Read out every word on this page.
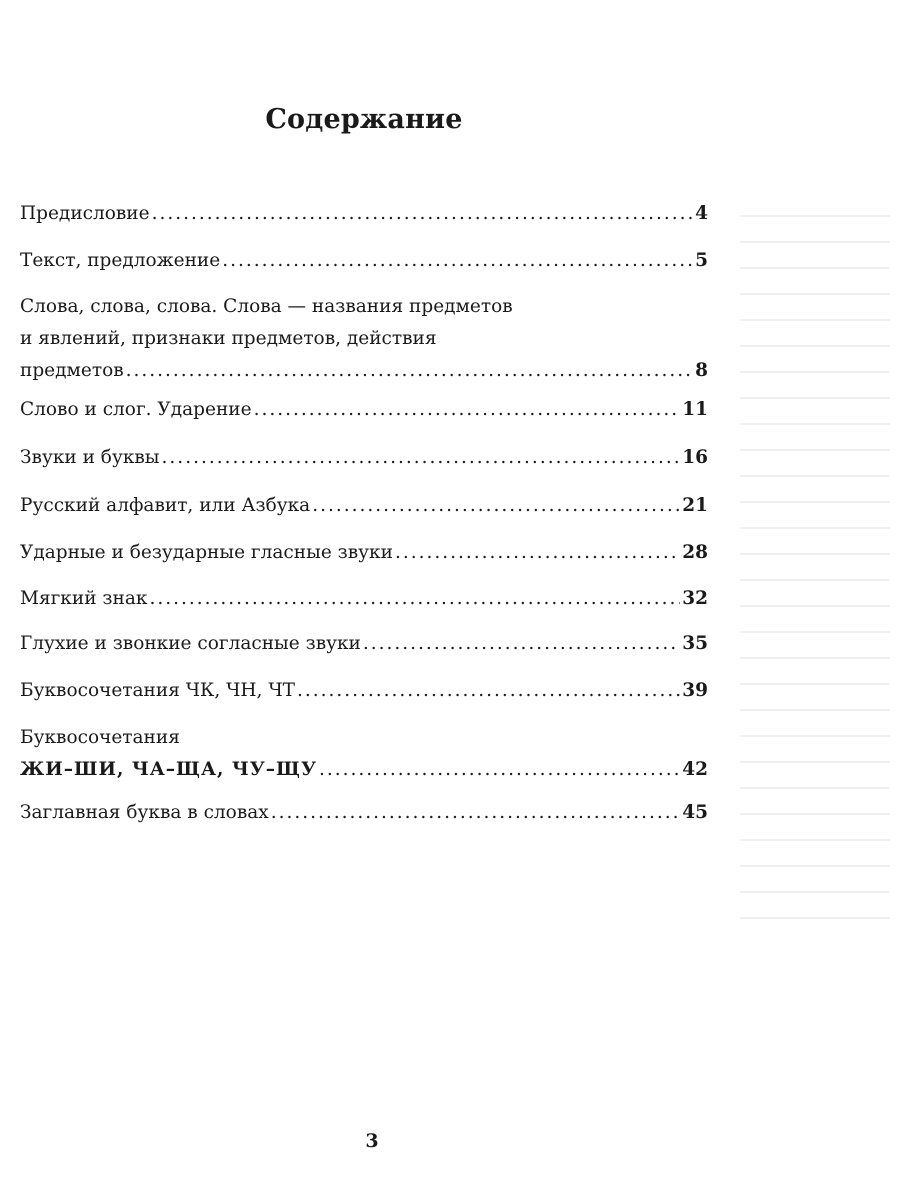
Содержание
Предисловие .....	4
Текст, предложение .....	5
Слова, слова, слова. Слова — названия предметов
и явлений, признаки предметов, действия
предметов .....	8
Слово и слог. Ударение .....	11
Звуки и буквы .....	16
Русский алфавит, или Азбука .....	21
Ударные и безударные гласные звуки .....	28
Мягкий знак .....	32
Глухие и звонкие согласные звуки .....	35
Буквосочетания ЧК, ЧН, ЧТ .....	39
Буквосочетания
ЖИ–ШИ, ЧА–ЩА, ЧУ–ЩУ .....	42
Заглавная буква в словах .....	45
3
